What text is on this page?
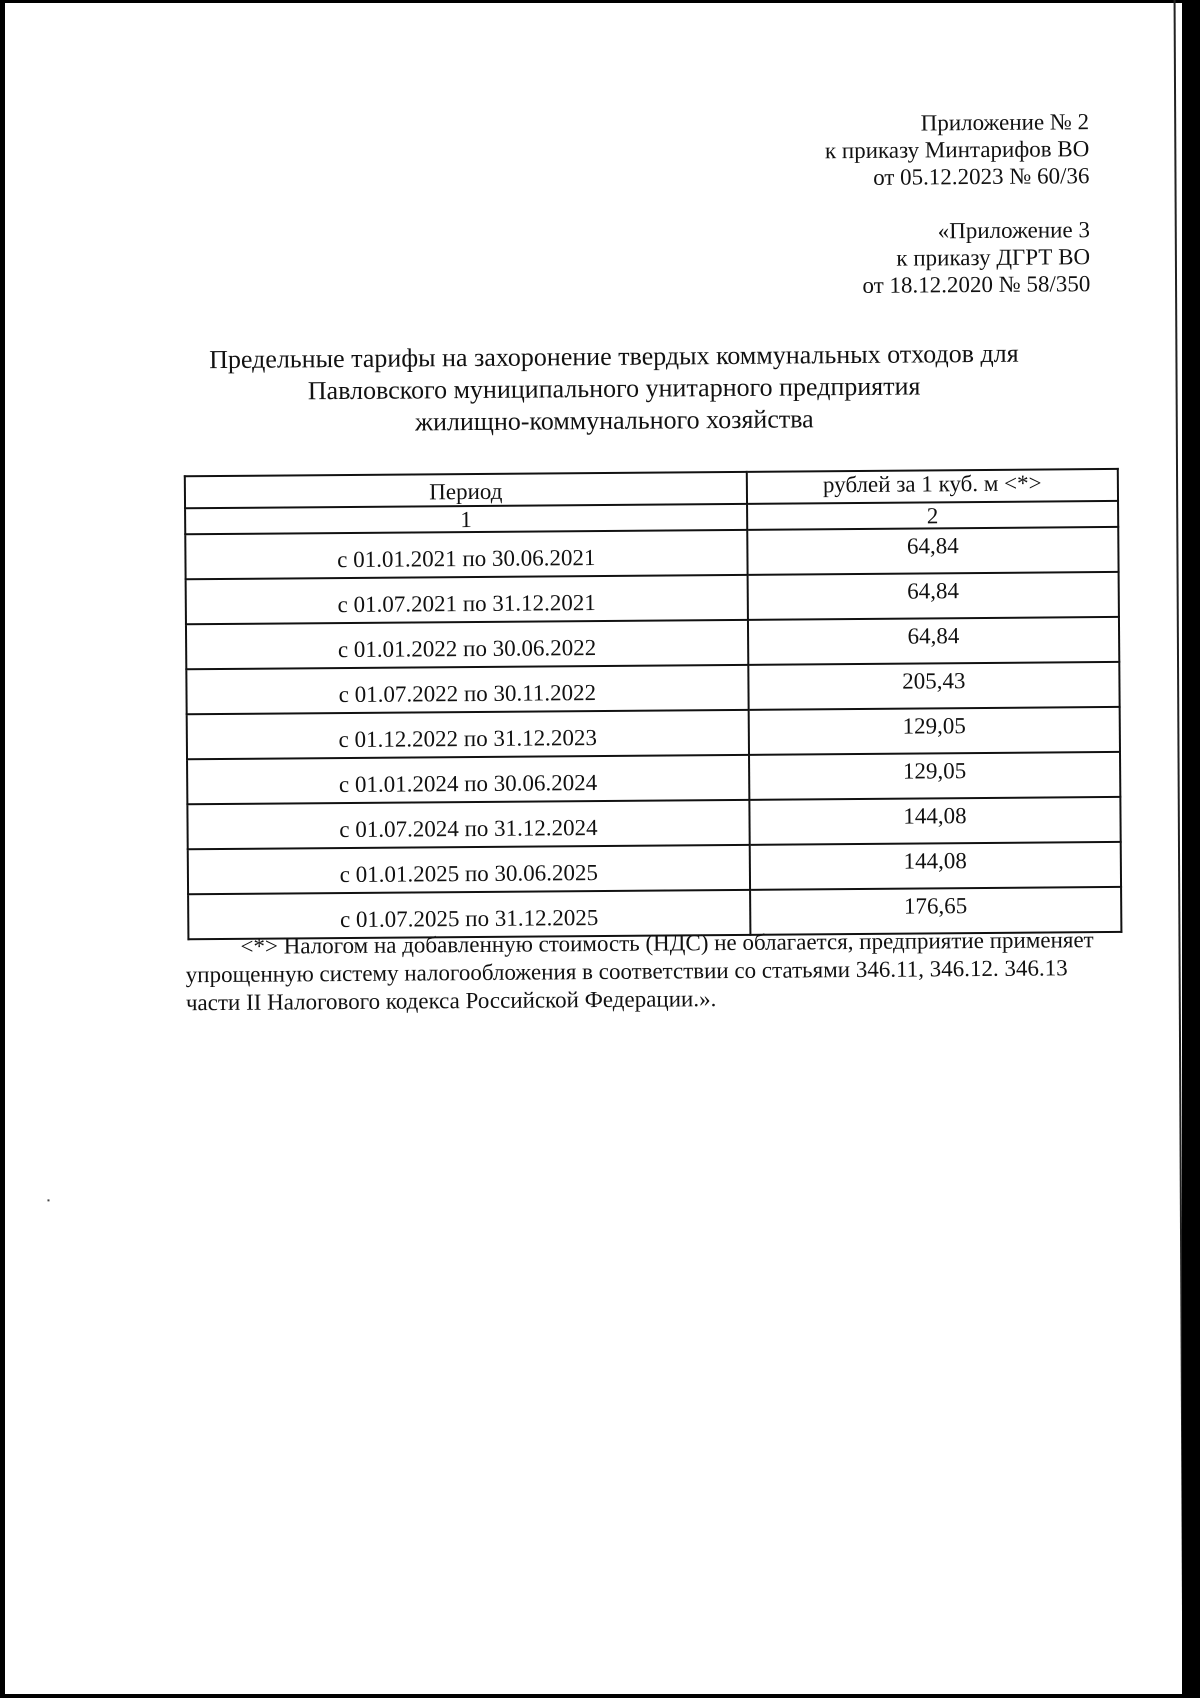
Приложение № 2
к приказу Минтарифов ВО
от 05.12.2023 № 60/36
«Приложение 3
к приказу ДГРТ ВО
от 18.12.2020 № 58/350
Предельные тарифы на захоронение твердых коммунальных отходов для
Павловского муниципального унитарного предприятия
жилищно-коммунального хозяйства
Период	рублей за 1 куб. м <*>
1	2
с 01.01.2021 по 30.06.2021	64,84
с 01.07.2021 по 31.12.2021	64,84
с 01.01.2022 по 30.06.2022	64,84
с 01.07.2022 по 30.11.2022	205,43
с 01.12.2022 по 31.12.2023	129,05
с 01.01.2024 по 30.06.2024	129,05
с 01.07.2024 по 31.12.2024	144,08
с 01.01.2025 по 30.06.2025	144,08
с 01.07.2025 по 31.12.2025	176,65

<*> Налогом на добавленную стоимость (НДС) не облагается, предприятие применяет

упрощенную систему налогообложения в соответствии со статьями 346.11, 346.12. 346.13

части II Налогового кодекса Российской Федерации.».
